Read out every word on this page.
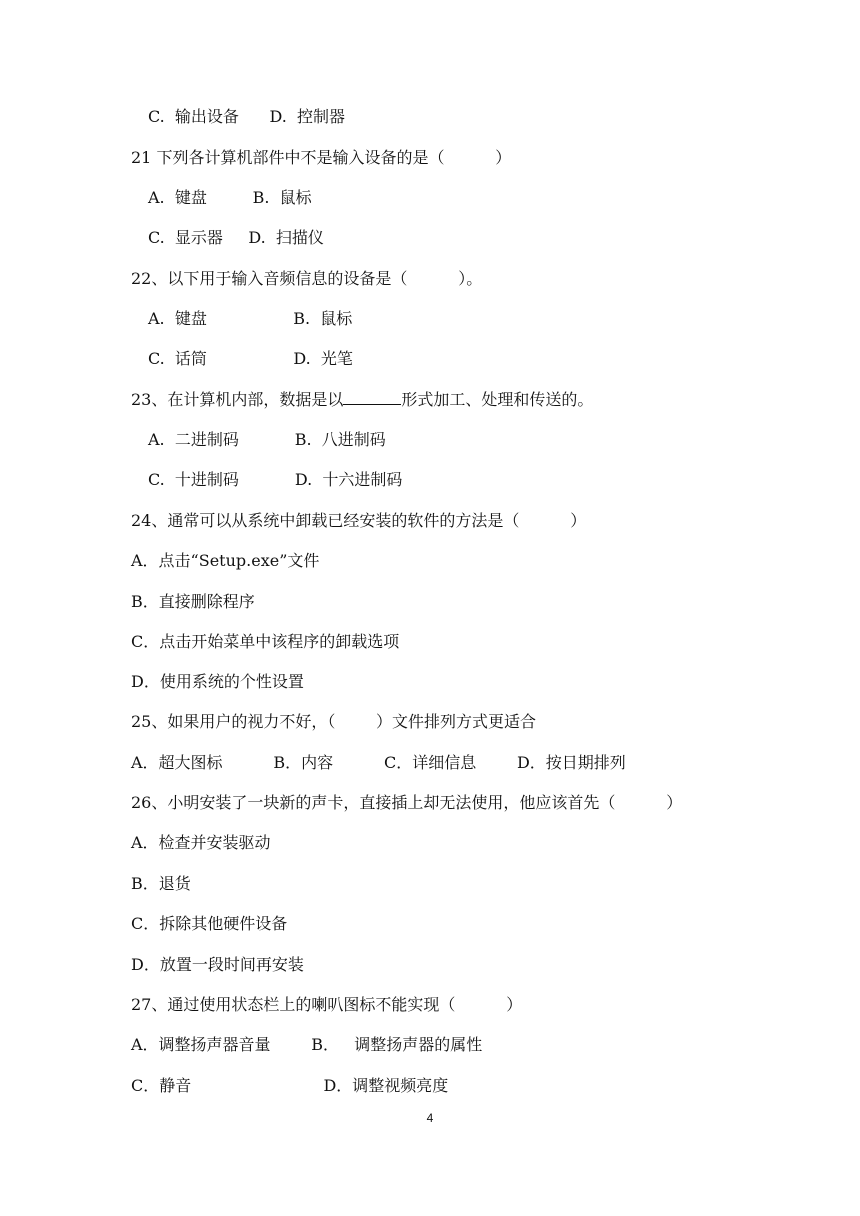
C.  输出设备      D.  控制器
21 下列各计算机部件中不是输入设备的是（          ）
A.  键盘         B.  鼠标
C.  显示器     D.  扫描仪
22、以下用于输入音频信息的设备是（          ）。
A.  键盘                 B.  鼠标
C.  话筒                 D.  光笔
23、在计算机内部，数据是以	形式加工、处理和传送的。
A.  二进制码           B.  八进制码
C.  十进制码           D.  十六进制码
24、通常可以从系统中卸载已经安装的软件的方法是（          ）
A．点击“Setup.exe”文件
B．直接删除程序
C．点击开始菜单中该程序的卸载选项
D．使用系统的个性设置
25、如果用户的视力不好，（        ）文件排列方式更适合
A．超大图标          B．内容          C．详细信息        D．按日期排列
26、小明安装了一块新的声卡，直接插上却无法使用，他应该首先（          ）
A．检查并安装驱动
B．退货
C．拆除其他硬件设备
D．放置一段时间再安装
27、通过使用状态栏上的喇叭图标不能实现（          ）
A．调整扬声器音量        B．   调整扬声器的属性
C．静音                          D．调整视频亮度
4
